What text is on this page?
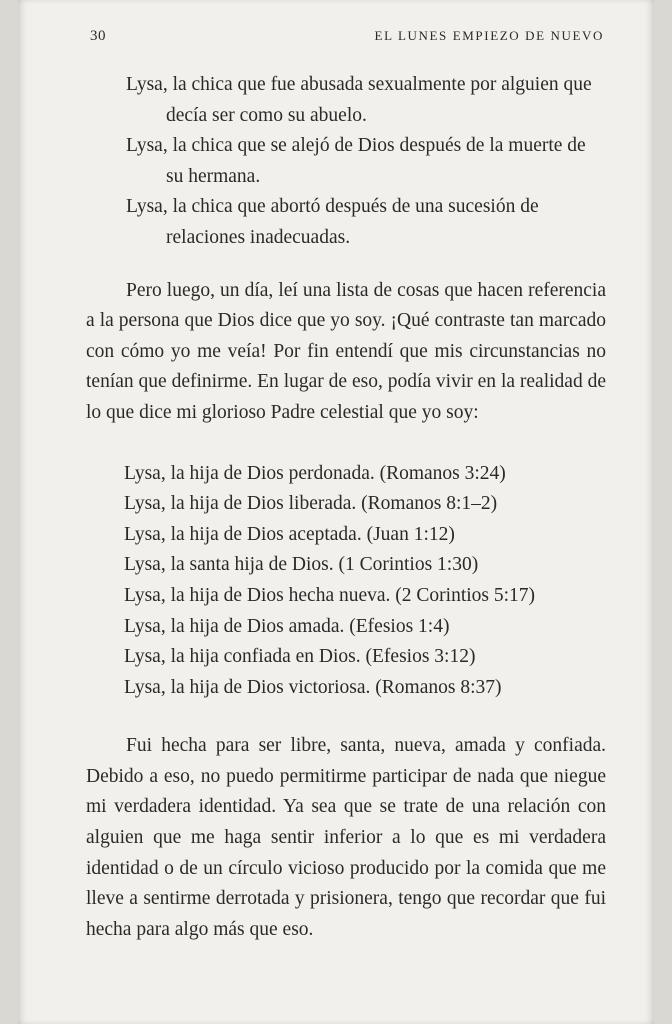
30	EL LUNES EMPIEZO DE NUEVO
Lysa, la chica que fue abusada sexualmente por alguien que decía ser como su abuelo.
Lysa, la chica que se alejó de Dios después de la muerte de su hermana.
Lysa, la chica que abortó después de una sucesión de relaciones inadecuadas.

Pero luego, un día, leí una lista de cosas que hacen referencia a la persona que Dios dice que yo soy. ¡Qué contraste tan marcado con cómo yo me veía! Por fin entendí que mis circunstancias no tenían que definirme. En lugar de eso, podía vivir en la realidad de lo que dice mi glorioso Padre celestial que yo soy:

Lysa, la hija de Dios perdonada. (Romanos 3:24)
Lysa, la hija de Dios liberada. (Romanos 8:1–2)
Lysa, la hija de Dios aceptada. (Juan 1:12)
Lysa, la santa hija de Dios. (1 Corintios 1:30)
Lysa, la hija de Dios hecha nueva. (2 Corintios 5:17)
Lysa, la hija de Dios amada. (Efesios 1:4)
Lysa, la hija confiada en Dios. (Efesios 3:12)
Lysa, la hija de Dios victoriosa. (Romanos 8:37)

Fui hecha para ser libre, santa, nueva, amada y confiada. Debido a eso, no puedo permitirme participar de nada que niegue mi verdadera identidad. Ya sea que se trate de una relación con alguien que me haga sentir inferior a lo que es mi verdadera identidad o de un círculo vicioso producido por la comida que me lleve a sentirme derrotada y prisionera, tengo que recordar que fui hecha para algo más que eso.
